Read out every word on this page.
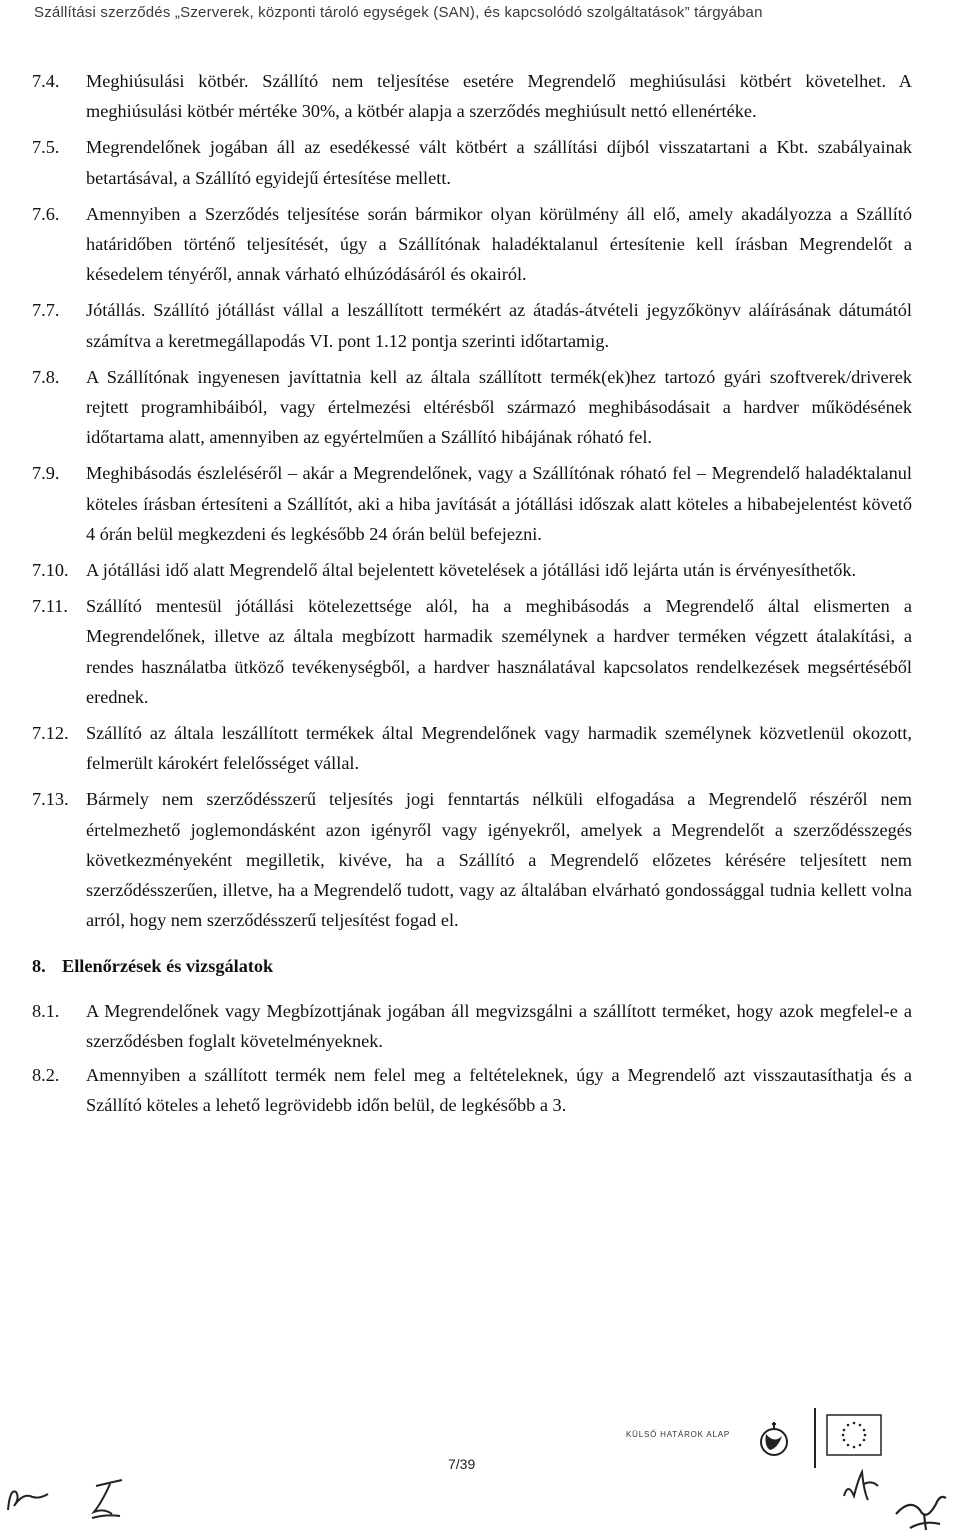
Szállítási szerződés „Szerverek, központi tároló egységek (SAN), és kapcsolódó szolgáltatások” tárgyában
7.4.	Meghiúsulási kötbér. Szállító nem teljesítése esetére Megrendelő meghiúsulási kötbért követelhet. A meghiúsulási kötbér mértéke 30%, a kötbér alapja a szerződés meghiúsult nettó ellenértéke.
7.5.	Megrendelőnek jogában áll az esedékessé vált kötbért a szállítási díjból visszatartani a Kbt. szabályainak betartásával, a Szállító egyidejű értesítése mellett.
7.6.	Amennyiben a Szerződés teljesítése során bármikor olyan körülmény áll elő, amely akadályozza a Szállító határidőben történő teljesítését, úgy a Szállítónak haladéktalanul értesítenie kell írásban Megrendelőt a késedelem tényéről, annak várható elhúzódásáról és okairól.
7.7.	Jótállás. Szállító jótállást vállal a leszállított termékért az átadás-átvételi jegyzőkönyv aláírásának dátumától számítva a keretmegállapodás VI. pont 1.12 pontja szerinti időtartamig.
7.8.	A Szállítónak ingyenesen javíttatnia kell az általa szállított termék(ek)hez tartozó gyári szoftverek/driverek rejtett programhibáiból, vagy értelmezési eltérésből származó meghibásodásait a hardver működésének időtartama alatt, amennyiben az egyértelműen a Szállító hibájának róható fel.
7.9.	Meghibásodás észleléséről – akár a Megrendelőnek, vagy a Szállítónak róható fel – Megrendelő haladéktalanul köteles írásban értesíteni a Szállítót, aki a hiba javítását a jótállási időszak alatt köteles a hibabejelentést követő 4 órán belül megkezdeni és legkésőbb 24 órán belül befejezni.
7.10. A jótállási idő alatt Megrendelő által bejelentett követelések a jótállási idő lejárta után is érvényesíthetők.
7.11. Szállító mentesül jótállási kötelezettsége alól, ha a meghibásodás a Megrendelő által elismerten a Megrendelőnek, illetve az általa megbízott harmadik személynek a hardver terméken végzett átalakítási, a rendes használatba ütköző tevékenységből, a hardver használatával kapcsolatos rendelkezések megsértéséből erednek.
7.12. Szállító az általa leszállított termékek által Megrendelőnek vagy harmadik személynek közvetlenül okozott, felmerült károkért felelősséget vállal.
7.13. Bármely nem szerződésszerű teljesítés jogi fenntartás nélküli elfogadása a Megrendelő részéről nem értelmezhető joglemondásként azon igényről vagy igényekről, amelyek a Megrendelőt a szerződésszegés következményeként megilletik, kivéve, ha a Szállító a Megrendelő előzetes kérésére teljesített nem szerződésszerűen, illetve, ha a Megrendelő tudott, vagy az általában elvárható gondossággal tudnia kellett volna arról, hogy nem szerződésszerű teljesítést fogad el.
8. Ellenőrzések és vizsgálatok
8.1.	A Megrendelőnek vagy Megbízottjának jogában áll megvizsgálni a szállított terméket, hogy azok megfelel-e a szerződésben foglalt követelményeknek.
8.2.	Amennyiben a szállított termék nem felel meg a feltételeknek, úgy a Megrendelő azt visszautasíthatja és a Szállító köteles a lehető legrövidebb időn belül, de legkésőbb a 3.
KÜLSŐ HATÁROK ALAP
7/39
